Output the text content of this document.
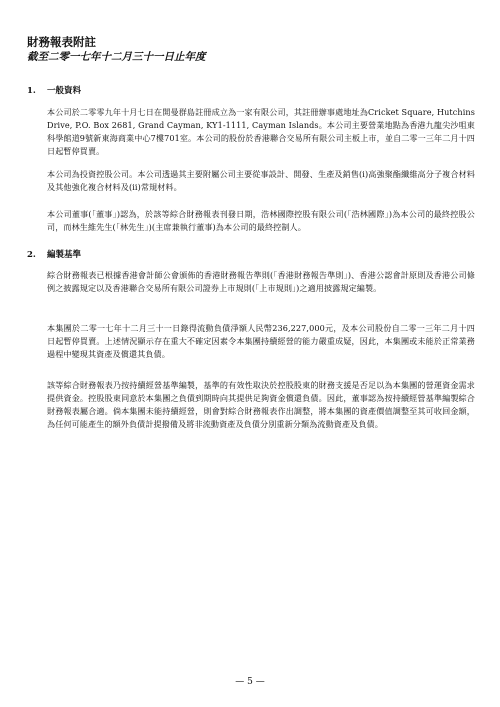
財務報表附註
截至二零一七年十二月三十一日止年度
1. 一般資料

本公司於二零零九年十月七日在開曼群島註冊成立為一家有限公司，其註冊辦事處地址為Cricket Square, Hutchins Drive, P.O. Box 2681, Grand Cayman, KY1-1111, Cayman Islands。本公司主要營業地點為香港九龍尖沙咀東科學館道9號新東海商業中心7樓701室。本公司的股份於香港聯合交易所有限公司主板上市，並自二零一三年二月十四日起暫停買賣。

本公司為投資控股公司。本公司透過其主要附屬公司主要從事設計、開發、生產及銷售(i)高強聚酯纖維高分子複合材料及其他強化複合材料及(ii)常規材料。

本公司董事(「董事」)認為，於該等綜合財務報表刊發日期，浩林國際控股有限公司(「浩林國際」)為本公司的最終控股公司，而林生維先生(「林先生」)(主席兼執行董事)為本公司的最終控制人。

2. 編製基準

綜合財務報表已根據香港會計師公會頒佈的香港財務報告準則(「香港財務報告準則」)、香港公認會計原則及香港公司條例之披露規定以及香港聯合交易所有限公司證券上市規則(「上市規則」)之適用披露規定編製。

本集團於二零一七年十二月三十一日錄得流動負債淨額人民幣236,227,000元，及本公司股份自二零一三年二月十四日起暫停買賣。上述情況顯示存在重大不確定因素令本集團持續經營的能力嚴重成疑，因此，本集團或未能於正常業務過程中變現其資產及償還其負債。

該等綜合財務報表乃按持續經營基準編製，基準的有效性取決於控股股東的財務支援是否足以為本集團的營運資金需求提供資金。控股股東同意於本集團之負債到期時向其提供足夠資金償還負債。因此，董事認為按持續經營基準編製綜合財務報表屬合適。倘本集團未能持續經營，則會對綜合財務報表作出調整，將本集團的資產價值調整至其可收回金額，為任何可能產生的額外負債計提撥備及將非流動資產及負債分別重新分類為流動資產及負債。

— 5 —
